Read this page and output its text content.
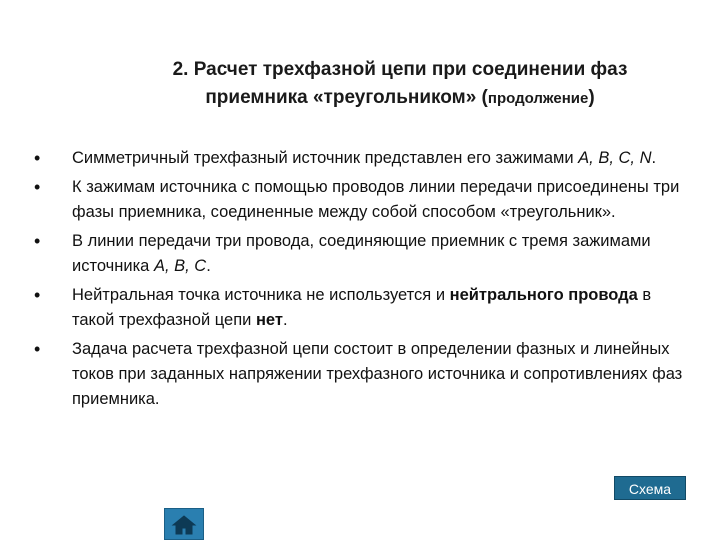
2. Расчет трехфазной цепи при соединении фаз
приемника «треугольником» (продолжение)
• Симметричный трехфазный источник представлен его зажимами A, B, C, N.
• К зажимам источника с помощью проводов линии передачи присоединены три фазы приемника, соединенные между собой способом «треугольник».
• В линии передачи три провода, соединяющие приемник с тремя зажимами источника A, B, C.
• Нейтральная точка источника не используется и нейтрального провода в такой трехфазной цепи нет.
• Задача расчета трехфазной цепи состоит в определении фазных и линейных токов при заданных напряжении трехфазного источника и сопротивлениях фаз приемника.
Схема
